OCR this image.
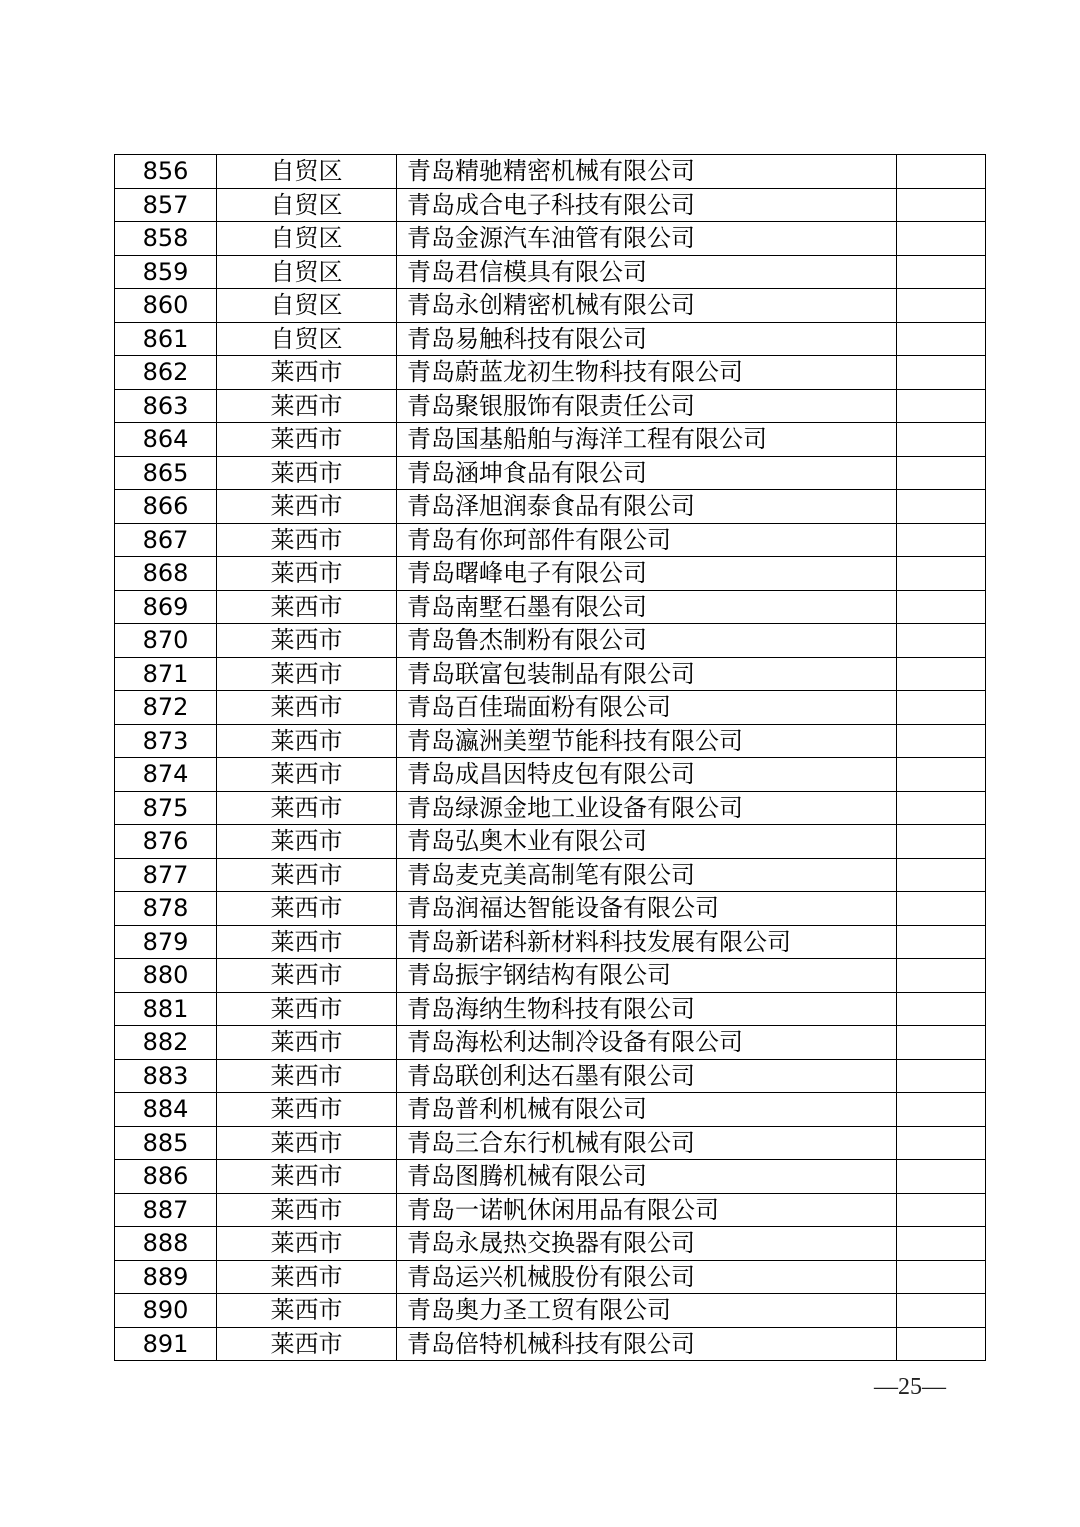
856	自贸区	青岛精驰精密机械有限公司	
857	自贸区	青岛成合电子科技有限公司	
858	自贸区	青岛金源汽车油管有限公司	
859	自贸区	青岛君信模具有限公司	
860	自贸区	青岛永创精密机械有限公司	
861	自贸区	青岛易触科技有限公司	
862	莱西市	青岛蔚蓝龙初生物科技有限公司	
863	莱西市	青岛聚银服饰有限责任公司	
864	莱西市	青岛国基船舶与海洋工程有限公司	
865	莱西市	青岛涵坤食品有限公司	
866	莱西市	青岛泽旭润泰食品有限公司	
867	莱西市	青岛有你珂部件有限公司	
868	莱西市	青岛曙峰电子有限公司	
869	莱西市	青岛南墅石墨有限公司	
870	莱西市	青岛鲁杰制粉有限公司	
871	莱西市	青岛联富包装制品有限公司	
872	莱西市	青岛百佳瑞面粉有限公司	
873	莱西市	青岛瀛洲美塑节能科技有限公司	
874	莱西市	青岛成昌因特皮包有限公司	
875	莱西市	青岛绿源金地工业设备有限公司	
876	莱西市	青岛弘奥木业有限公司	
877	莱西市	青岛麦克美高制笔有限公司	
878	莱西市	青岛润福达智能设备有限公司	
879	莱西市	青岛新诺科新材料科技发展有限公司	
880	莱西市	青岛振宇钢结构有限公司	
881	莱西市	青岛海纳生物科技有限公司	
882	莱西市	青岛海松利达制冷设备有限公司	
883	莱西市	青岛联创利达石墨有限公司	
884	莱西市	青岛普利机械有限公司	
885	莱西市	青岛三合东行机械有限公司	
886	莱西市	青岛图腾机械有限公司	
887	莱西市	青岛一诺帆休闲用品有限公司	
888	莱西市	青岛永晟热交换器有限公司	
889	莱西市	青岛运兴机械股份有限公司	
890	莱西市	青岛奥力圣工贸有限公司	
891	莱西市	青岛倍特机械科技有限公司	
—25—
